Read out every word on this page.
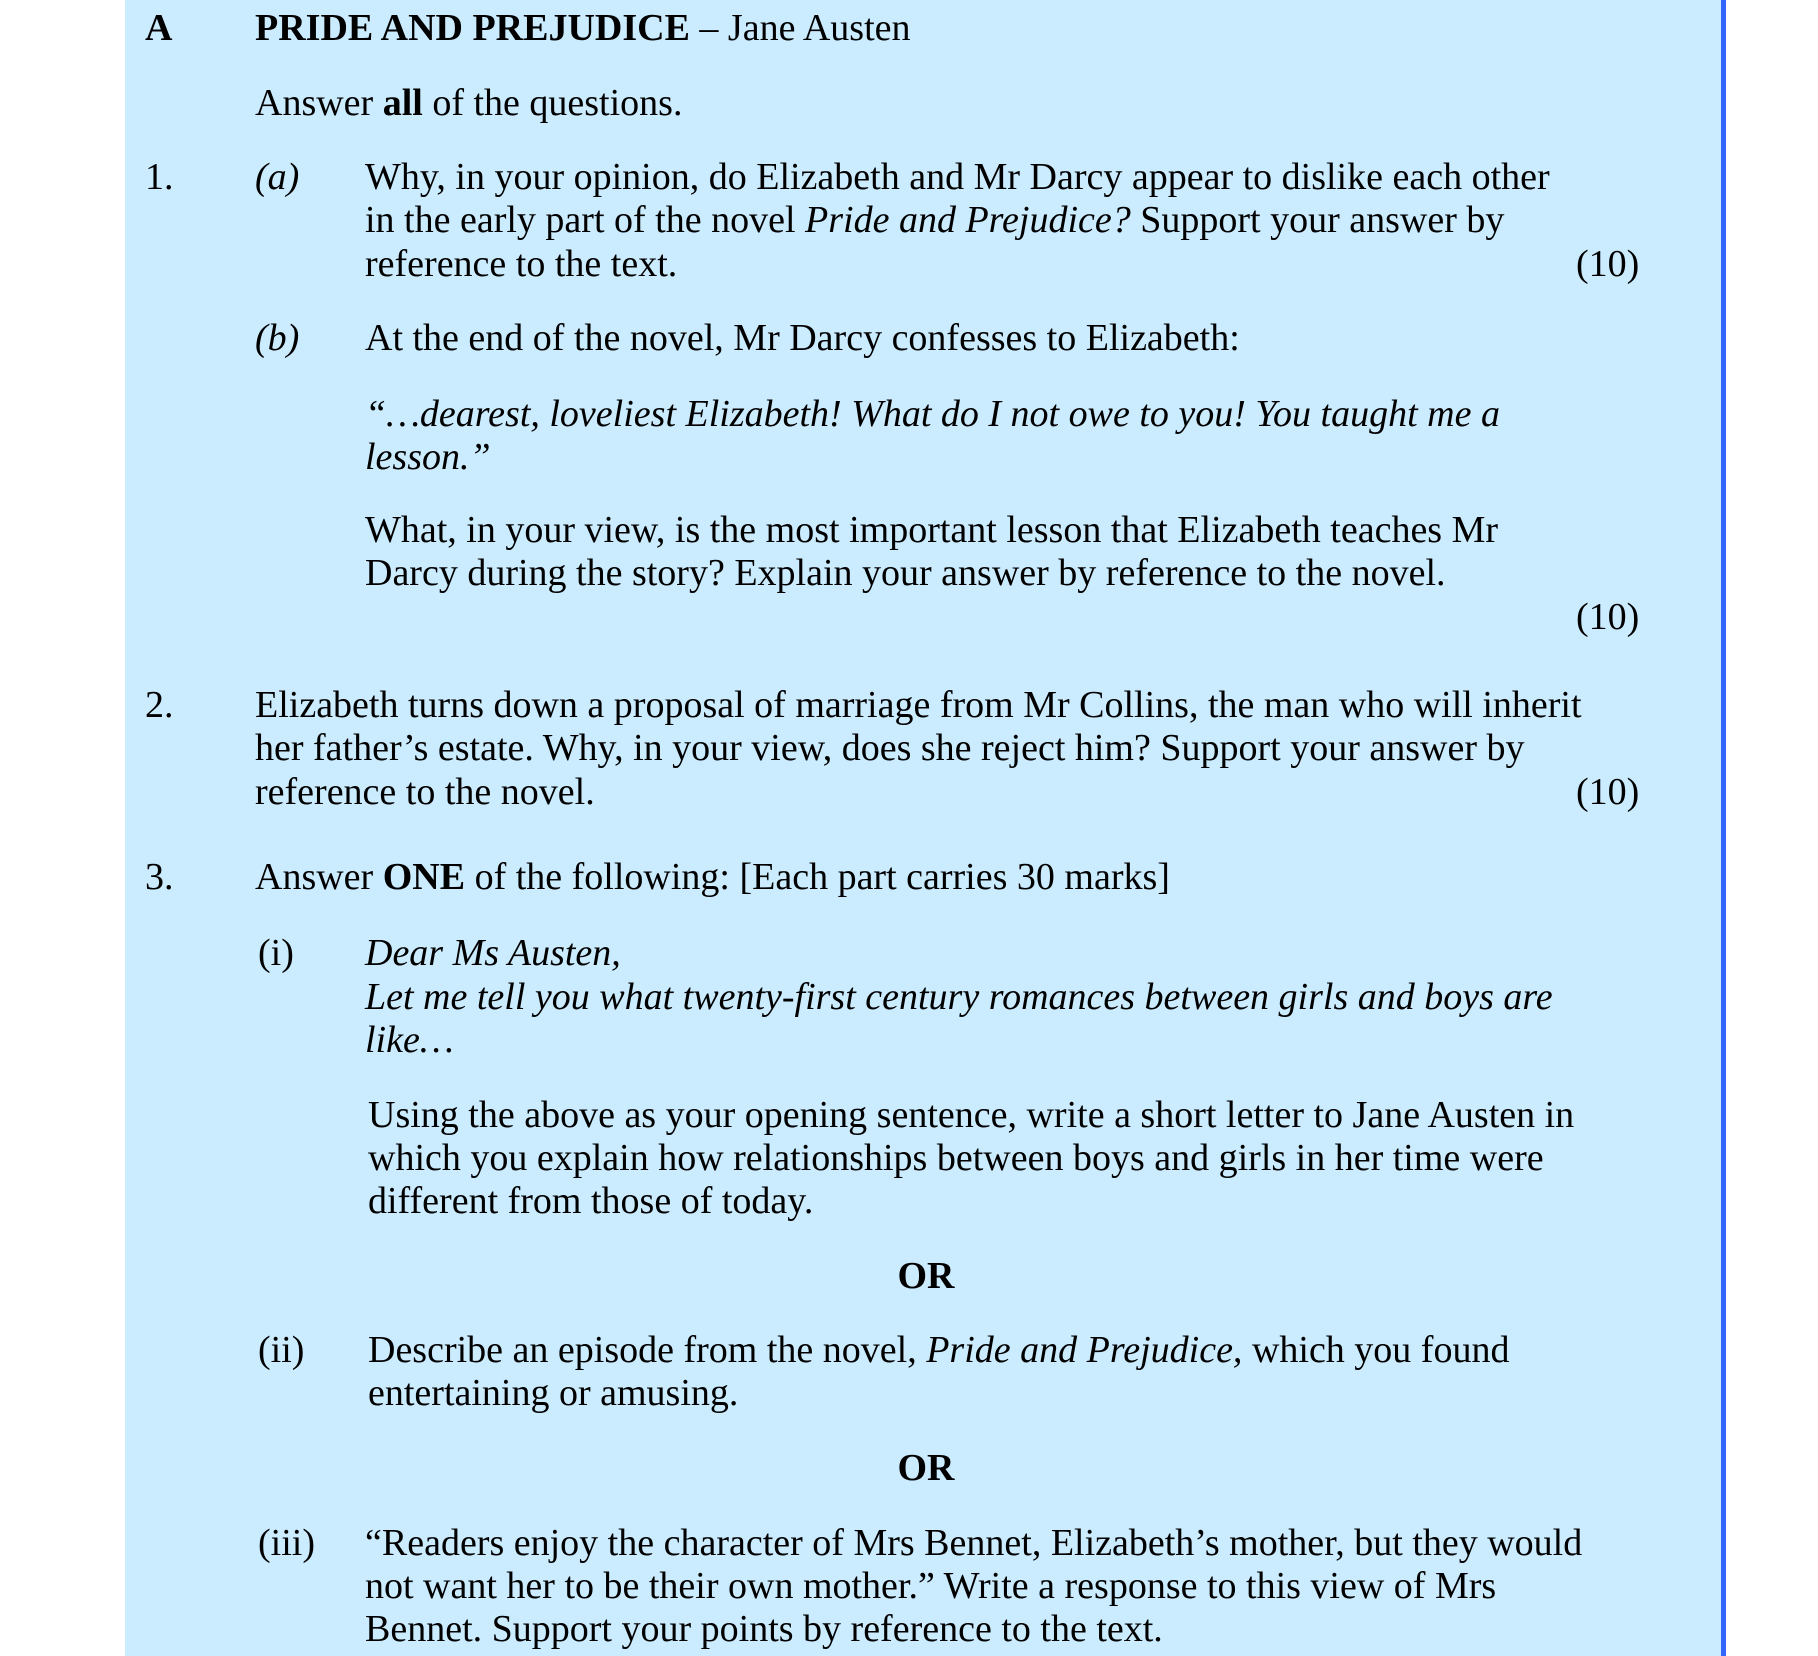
A PRIDE AND PREJUDICE – Jane Austen
Answer all of the questions.
1. (a) Why, in your opinion, do Elizabeth and Mr Darcy appear to dislike each other
in the early part of the novel Pride and Prejudice? Support your answer by
reference to the text.	(10)
(b) At the end of the novel, Mr Darcy confesses to Elizabeth:
“…dearest, loveliest Elizabeth! What do I not owe to you! You taught me a
lesson.”
What, in your view, is the most important lesson that Elizabeth teaches Mr
Darcy during the story? Explain your answer by reference to the novel.
(10)
2. Elizabeth turns down a proposal of marriage from Mr Collins, the man who will inherit
her father’s estate. Why, in your view, does she reject him? Support your answer by
reference to the novel.	(10)
3. Answer ONE of the following: [Each part carries 30 marks]
(i) Dear Ms Austen,
Let me tell you what twenty-first century romances between girls and boys are
like…
Using the above as your opening sentence, write a short letter to Jane Austen in
which you explain how relationships between boys and girls in her time were
different from those of today.
OR
(ii) Describe an episode from the novel, Pride and Prejudice, which you found
entertaining or amusing.
OR
(iii) “Readers enjoy the character of Mrs Bennet, Elizabeth’s mother, but they would
not want her to be their own mother.” Write a response to this view of Mrs
Bennet. Support your points by reference to the text.
